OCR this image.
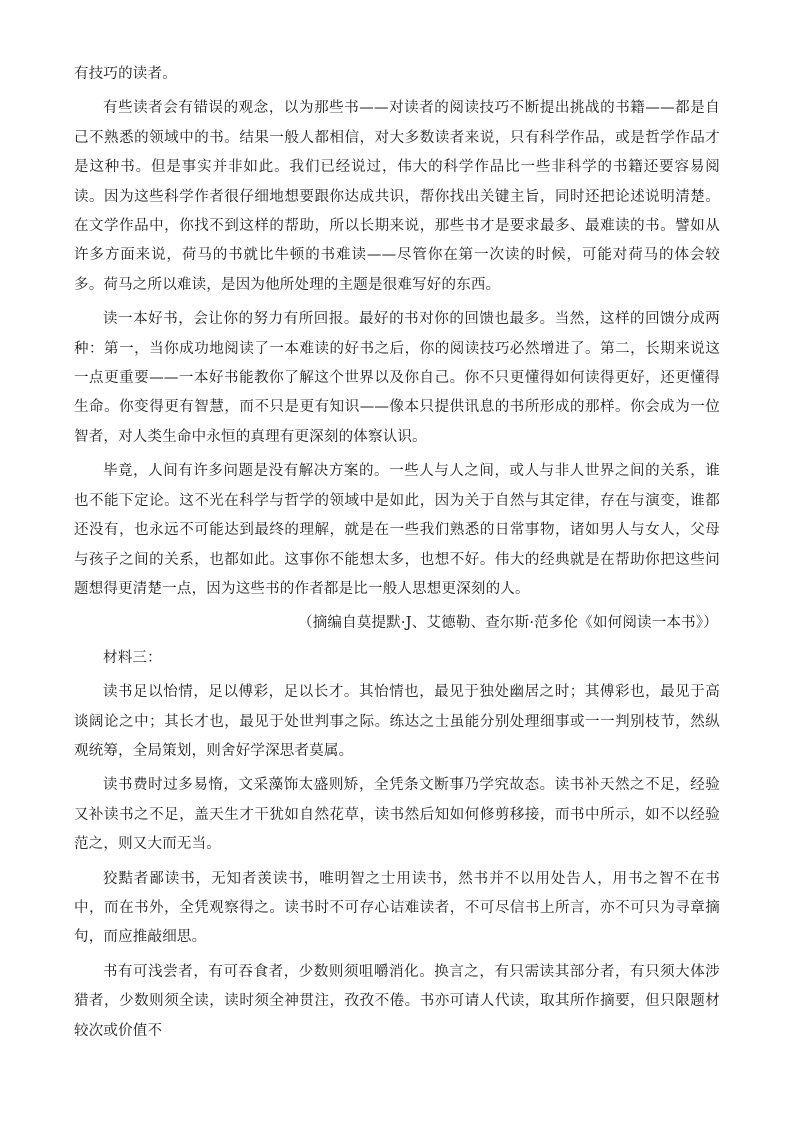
有技巧的读者。

有些读者会有错误的观念，以为那些书——对读者的阅读技巧不断提出挑战的书籍——都是自己不熟悉的领域中的书。结果一般人都相信，对大多数读者来说，只有科学作品，或是哲学作品才是这种书。但是事实并非如此。我们已经说过，伟大的科学作品比一些非科学的书籍还要容易阅读。因为这些科学作者很仔细地想要跟你达成共识，帮你找出关键主旨，同时还把论述说明清楚。在文学作品中，你找不到这样的帮助，所以长期来说，那些书才是要求最多、最难读的书。譬如从许多方面来说，荷马的书就比牛顿的书难读——尽管你在第一次读的时候，可能对荷马的体会较多。荷马之所以难读，是因为他所处理的主题是很难写好的东西。

读一本好书，会让你的努力有所回报。最好的书对你的回馈也最多。当然，这样的回馈分成两种：第一，当你成功地阅读了一本难读的好书之后，你的阅读技巧必然增进了。第二，长期来说这一点更重要——一本好书能教你了解这个世界以及你自己。你不只更懂得如何读得更好，还更懂得生命。你变得更有智慧，而不只是更有知识——像本只提供讯息的书所形成的那样。你会成为一位智者，对人类生命中永恒的真理有更深刻的体察认识。

毕竟，人间有许多问题是没有解决方案的。一些人与人之间，或人与非人世界之间的关系，谁也不能下定论。这不光在科学与哲学的领域中是如此，因为关于自然与其定律，存在与演变，谁都还没有，也永远不可能达到最终的理解，就是在一些我们熟悉的日常事物，诸如男人与女人，父母与孩子之间的关系，也都如此。这事你不能想太多，也想不好。伟大的经典就是在帮助你把这些问题想得更清楚一点，因为这些书的作者都是比一般人思想更深刻的人。

（摘编自莫提默·J、艾德勒、查尔斯·范多伦《如何阅读一本书》）

材料三：

读书足以怡情，足以傅彩，足以长才。其怡情也，最见于独处幽居之时；其傅彩也，最见于高谈阔论之中；其长才也，最见于处世判事之际。练达之士虽能分别处理细事或一一判别枝节，然纵观统筹，全局策划，则舍好学深思者莫属。

读书费时过多易惰，文采藻饰太盛则矫，全凭条文断事乃学究故态。读书补天然之不足，经验又补读书之不足，盖天生才干犹如自然花草，读书然后知如何修剪移接，而书中所示，如不以经验范之，则又大而无当。

狡黠者鄙读书，无知者羡读书，唯明智之士用读书，然书并不以用处告人，用书之智不在书中，而在书外，全凭观察得之。读书时不可存心诘难读者，不可尽信书上所言，亦不可只为寻章摘句，而应推敲细思。

书有可浅尝者，有可吞食者，少数则须咀嚼消化。换言之，有只需读其部分者，有只须大体涉猎者，少数则须全读，读时须全神贯注，孜孜不倦。书亦可请人代读，取其所作摘要，但只限题材较次或价值不
